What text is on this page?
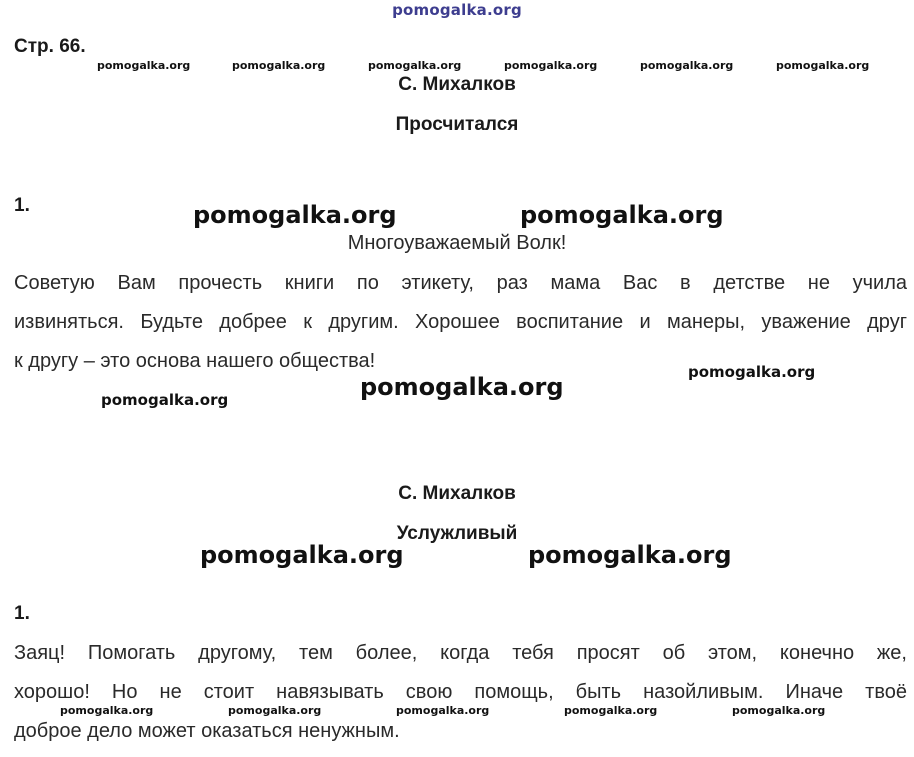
pomogalka.org
Стр. 66.
pomogalka.org	pomogalka.org	pomogalka.org	pomogalka.org	pomogalka.org	pomogalka.org
С. Михалков
Просчитался
1.	pomogalka.org	pomogalka.org
Многоуважаемый Волк!
Советую Вам прочесть книги по этикету, раз мама Вас в детстве не учила
извиняться. Будьте добрее к другим. Хорошее воспитание и манеры, уважение друг
к другу – это основа нашего общества!	pomogalka.org
pomogalka.org
pomogalka.org
С. Михалков
Услужливый
pomogalka.org	pomogalka.org
1.
Заяц! Помогать другому, тем более, когда тебя просят об этом, конечно же,
хорошо! Но не стоит навязывать свою помощь, быть назойливым. Иначе твоё
доброе дело может оказаться ненужным.
pomogalka.org	pomogalka.org	pomogalka.org	pomogalka.org	pomogalka.org
